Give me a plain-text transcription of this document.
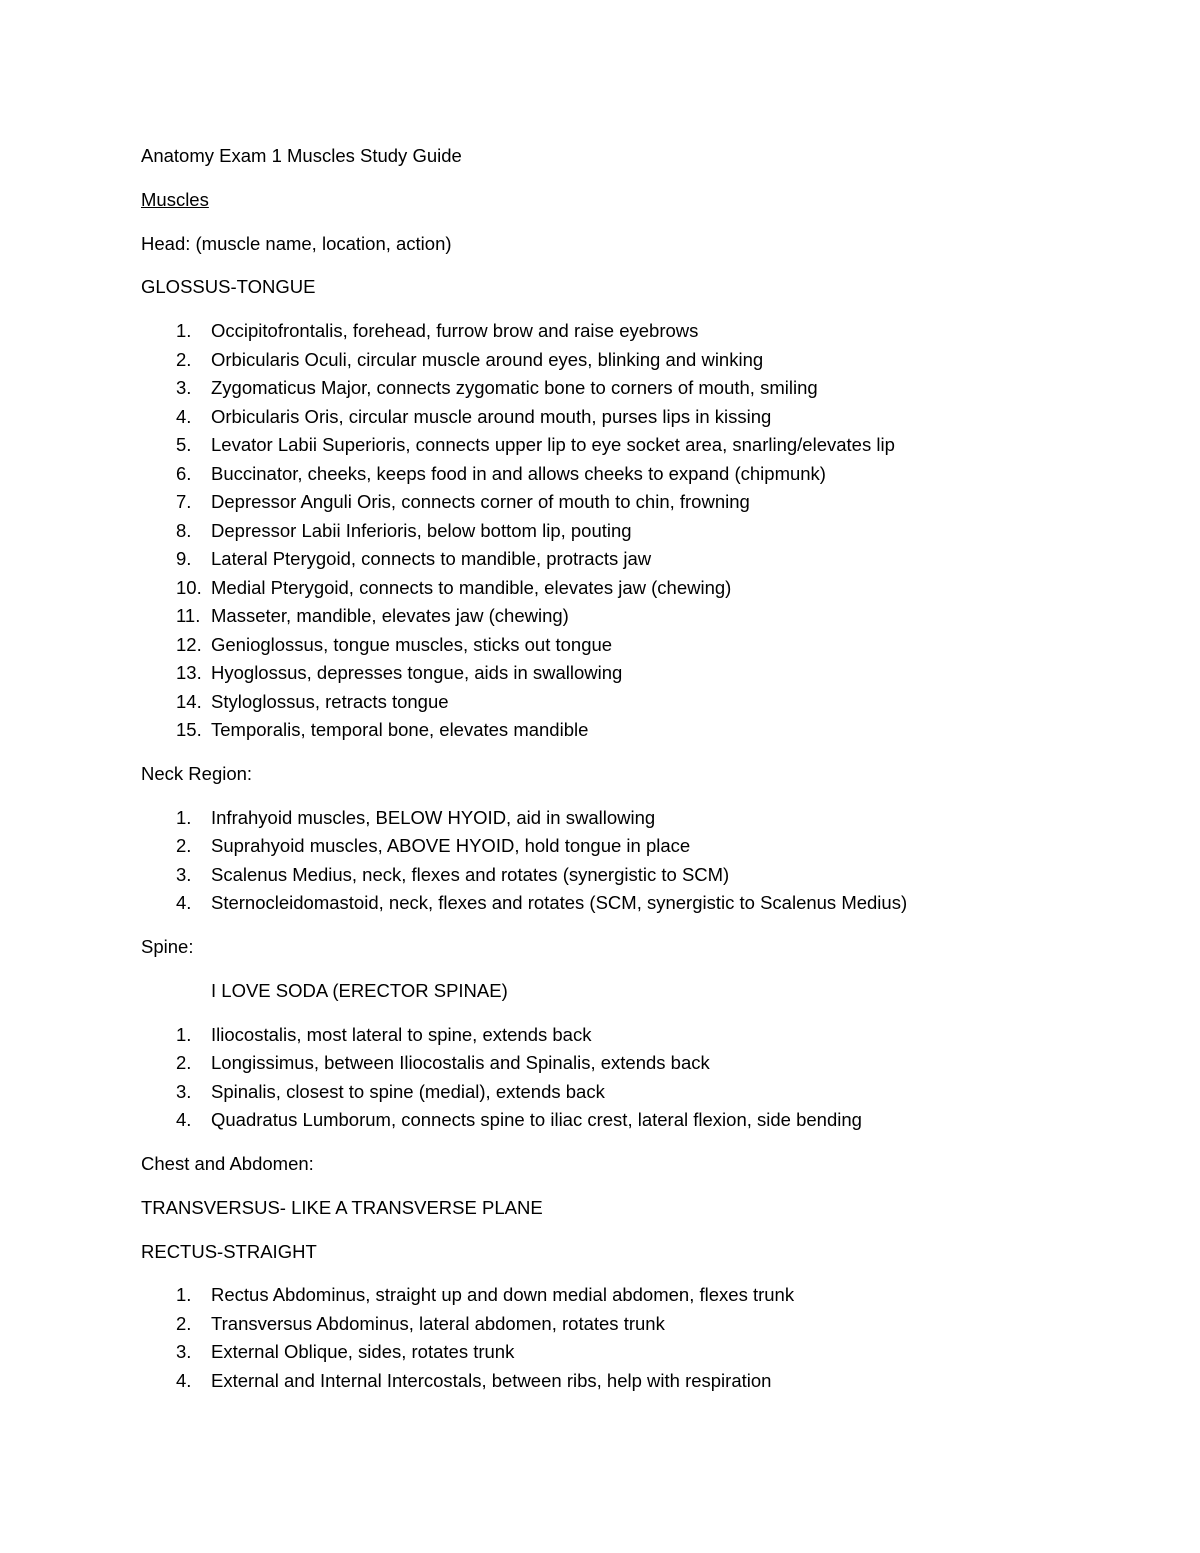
Anatomy Exam 1 Muscles Study Guide
Muscles
Head: (muscle name, location, action)
GLOSSUS-TONGUE
1.	Occipitofrontalis, forehead, furrow brow and raise eyebrows
2.	Orbicularis Oculi, circular muscle around eyes, blinking and winking
3.	Zygomaticus Major, connects zygomatic bone to corners of mouth, smiling
4.	Orbicularis Oris, circular muscle around mouth, purses lips in kissing
5.	Levator Labii Superioris, connects upper lip to eye socket area, snarling/elevates lip
6.	Buccinator, cheeks, keeps food in and allows cheeks to expand (chipmunk)
7.	Depressor Anguli Oris, connects corner of mouth to chin, frowning
8.	Depressor Labii Inferioris, below bottom lip, pouting
9.	Lateral Pterygoid, connects to mandible, protracts jaw
10. Medial Pterygoid, connects to mandible, elevates jaw (chewing)
11. Masseter, mandible, elevates jaw (chewing)
12. Genioglossus, tongue muscles, sticks out tongue
13. Hyoglossus, depresses tongue, aids in swallowing
14. Styloglossus, retracts tongue
15. Temporalis, temporal bone, elevates mandible
Neck Region:
1.	Infrahyoid muscles, BELOW HYOID, aid in swallowing
2.	Suprahyoid muscles, ABOVE HYOID, hold tongue in place
3.	Scalenus Medius, neck, flexes and rotates (synergistic to SCM)
4.	Sternocleidomastoid, neck, flexes and rotates (SCM, synergistic to Scalenus Medius)
Spine:
I LOVE SODA (ERECTOR SPINAE)
1.	Iliocostalis, most lateral to spine, extends back
2.	Longissimus, between Iliocostalis and Spinalis, extends back
3.	Spinalis, closest to spine (medial), extends back
4.	Quadratus Lumborum, connects spine to iliac crest, lateral flexion, side bending
Chest and Abdomen:
TRANSVERSUS- LIKE A TRANSVERSE PLANE
RECTUS-STRAIGHT
1.	Rectus Abdominus, straight up and down medial abdomen, flexes trunk
2.	Transversus Abdominus, lateral abdomen, rotates trunk
3.	External Oblique, sides, rotates trunk
4.	External and Internal Intercostals, between ribs, help with respiration
